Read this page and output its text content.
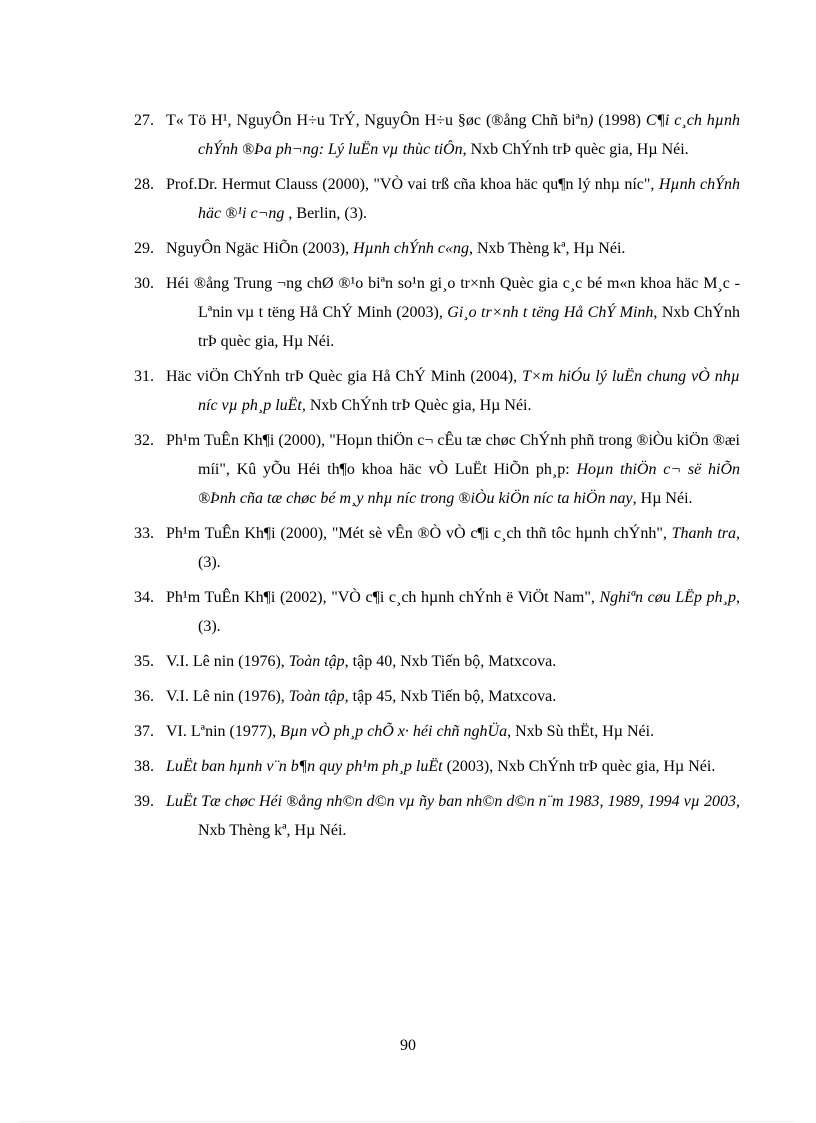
27. T« Tö H¹, NguyÔn H÷u TrÝ, NguyÔn H÷u §øc (®ång Chñ biªn) (1998) C¶i c¸ch hµnh chÝnh ®Þa ph¬ng: Lý luËn vµ thùc tiÔn, Nxb ChÝnh trÞ quèc gia, Hµ Néi.
28. Prof.Dr. Hermut Clauss (2000), "VÒ vai trß cña khoa häc qu¶n lý nhµ níc", Hµnh chÝnh häc ®¹i c¬ng , Berlin, (3).
29. NguyÔn Ngäc HiÕn (2003), Hµnh chÝnh c«ng, Nxb Thèng kª, Hµ Néi.
30. Héi ®ång Trung ¬ng chØ ®¹o biªn so¹n gi¸o tr×nh Quèc gia c¸c bé m«n khoa häc M¸c - Lªnin vµ t tëng Hå ChÝ Minh (2003), Gi¸o tr×nh t tëng Hå ChÝ Minh, Nxb ChÝnh trÞ quèc gia, Hµ Néi.
31. Häc viÖn ChÝnh trÞ Quèc gia Hå ChÝ Minh (2004), T×m hiÓu lý luËn chung vÒ nhµ níc vµ ph¸p luËt, Nxb ChÝnh trÞ Quèc gia, Hµ Néi.
32. Ph¹m TuÊn Kh¶i (2000), "Hoµn thiÖn c¬ cÊu tæ chøc ChÝnh phñ trong ®iÒu kiÖn ®æi míi", Kû yÕu Héi th¶o khoa häc vÒ LuËt HiÕn ph¸p: Hoµn thiÖn c¬ së hiÕn ®Þnh cña tæ chøc bé m¸y nhµ níc trong ®iÒu kiÖn níc ta hiÖn nay, Hµ Néi.
33. Ph¹m TuÊn Kh¶i (2000), "Mét sè vÊn ®Ò vÒ c¶i c¸ch thñ tôc hµnh chÝnh", Thanh tra, (3).
34. Ph¹m TuÊn Kh¶i (2002), "VÒ c¶i c¸ch hµnh chÝnh ë ViÖt Nam", Nghiªn cøu LËp ph¸p, (3).
35. V.I. Lê nin (1976), Toàn tập, tập 40, Nxb Tiến bộ, Matxcova.
36. V.I. Lê nin (1976), Toàn tập, tập 45, Nxb Tiến bộ, Matxcova.
37. VI. Lªnin (1977), Bµn vÒ ph¸p chÕ x· héi chñ nghÜa, Nxb Sù thËt, Hµ Néi.
38. LuËt ban hµnh v¨n b¶n quy ph¹m ph¸p luËt (2003), Nxb ChÝnh trÞ quèc gia, Hµ Néi.
39. LuËt Tæ chøc Héi ®ång nh©n d©n vµ ñy ban nh©n d©n n¨m 1983, 1989, 1994 vµ 2003, Nxb Thèng kª, Hµ Néi.
90
